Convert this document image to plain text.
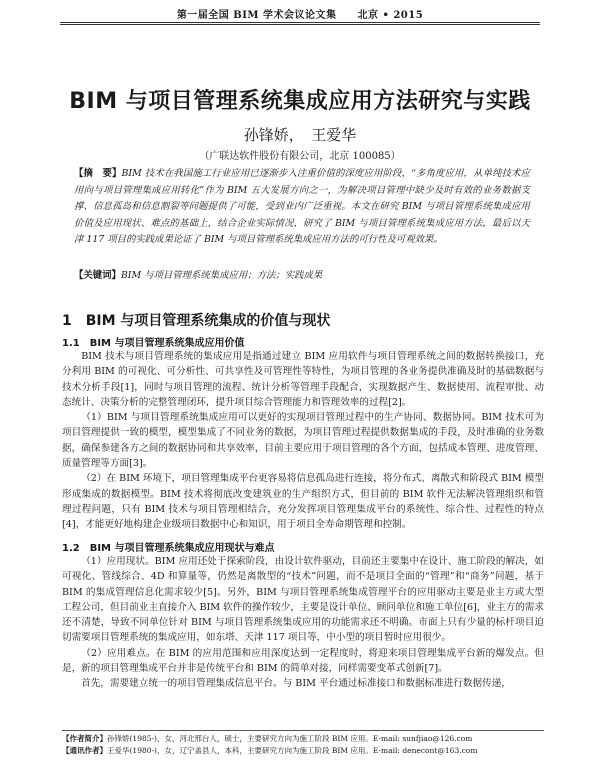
第一届全国 BIM 学术会议论文集　　北京 • 2015
BIM 与项目管理系统集成应用方法研究与实践
孙锋娇，　王爱华
（广联达软件股份有限公司，北京 100085）
【摘　要】BIM 技术在我国施工行业应用已逐渐步入注重价值的深度应用阶段，“多角度应用，从单纯技术应用向与项目管理集成应用转化”作为 BIM 五大发展方向之一，为解决项目管理中缺少及时有效的业务数据支撑、信息孤岛和信息割裂等问题提供了可能，受到业内广泛重视。本文在研究 BIM 与项目管理系统集成应用价值及应用现状、难点的基础上，结合企业实际情况，研究了 BIM 与项目管理系统集成应用方法，最后以天津 117 项目的实践成果论证了 BIM 与项目管理系统集成应用方法的可行性及可观效果。
【关键词】BIM 与项目管理系统集成应用；方法；实践成果
1　BIM 与项目管理系统集成的价值与现状
1.1　BIM 与项目管理系统集成应用价值

BIM 技术与项目管理系统的集成应用是指通过建立 BIM 应用软件与项目管理系统之间的数据转换接口，充分利用 BIM 的可视化、可分析性、可共享性及可管理性等特性，为项目管理的各业务提供准确及时的基础数据与技术分析手段[1]，同时与项目管理的流程、统计分析等管理手段配合，实现数据产生、数据使用、流程审批、动态统计、决策分析的完整管理闭环，提升项目综合管理能力和管理效率的过程[2]。

（1）BIM 与项目管理系统集成应用可以更好的实现项目管理过程中的生产协同、数据协同。BIM 技术可为项目管理提供一致的模型，模型集成了不同业务的数据，为项目管理过程提供数据集成的手段，及时准确的业务数据，确保参建各方之间的数据协同和共享效率，目前主要应用于项目管理的各个方面，包括成本管理、进度管理、质量管理等方面[3]。

（2）在 BIM 环境下，项目管理集成平台更容易将信息孤岛进行连接，将分布式、离散式和阶段式 BIM 模型形成集成的数据模型。BIM 技术将彻底改变建筑业的生产组织方式，但目前的 BIM 软件无法解决管理组织和管理过程问题，只有 BIM 技术与项目管理相结合，充分发挥项目管理集成平台的系统性、综合性、过程性的特点[4]，才能更好地构建企业级项目数据中心和知识，用于项目全寿命期管理和控制。

1.2　BIM 与项目管理系统集成应用现状与难点

（1）应用现状。BIM 应用还处于探索阶段，由设计软件驱动，目前还主要集中在设计、施工阶段的解决，如可视化、管线综合、4D 和算量等，仍然是离散型的“技术”问题，而不是项目全面的“管理”和“商务”问题，基于 BIM 的集成管理信息化需求较少[5]。另外，BIM 与项目管理系统集成管理平台的应用驱动主要是业主方或大型工程公司，但目前业主直接介入 BIM 软件的操作较少，主要是设计单位、顾问单位和施工单位[6]，业主方的需求还不清楚，导致不同单位针对 BIM 与项目管理系统集成应用的功能需求还不明确。市面上只有少量的标杆项目迫切需要项目管理系统的集成应用，如东塔、天津 117 项目等，中小型的项目暂时应用很少。

（2）应用难点。在 BIM 的应用范围和应用深度达到一定程度时，将迎来项目管理集成平台新的爆发点。但是，新的项目管理集成平台并非是传统平台和 BIM 的简单对接，同样需要变革式创新[7]。

首先，需要建立统一的项目管理集成信息平台。与 BIM 平台通过标准接口和数据标准进行数据传递，

【作者简介】孙锋娇(1985-)，女，河北邢台人，硕士，主要研究方向为施工阶段 BIM 应用。E-mail: sunfjiao@126.com
【通讯作者】王爱华(1980-)，女，辽宁盖县人，本科，主要研究方向为施工阶段 BIM 应用。E-mail: denecont@163.com
